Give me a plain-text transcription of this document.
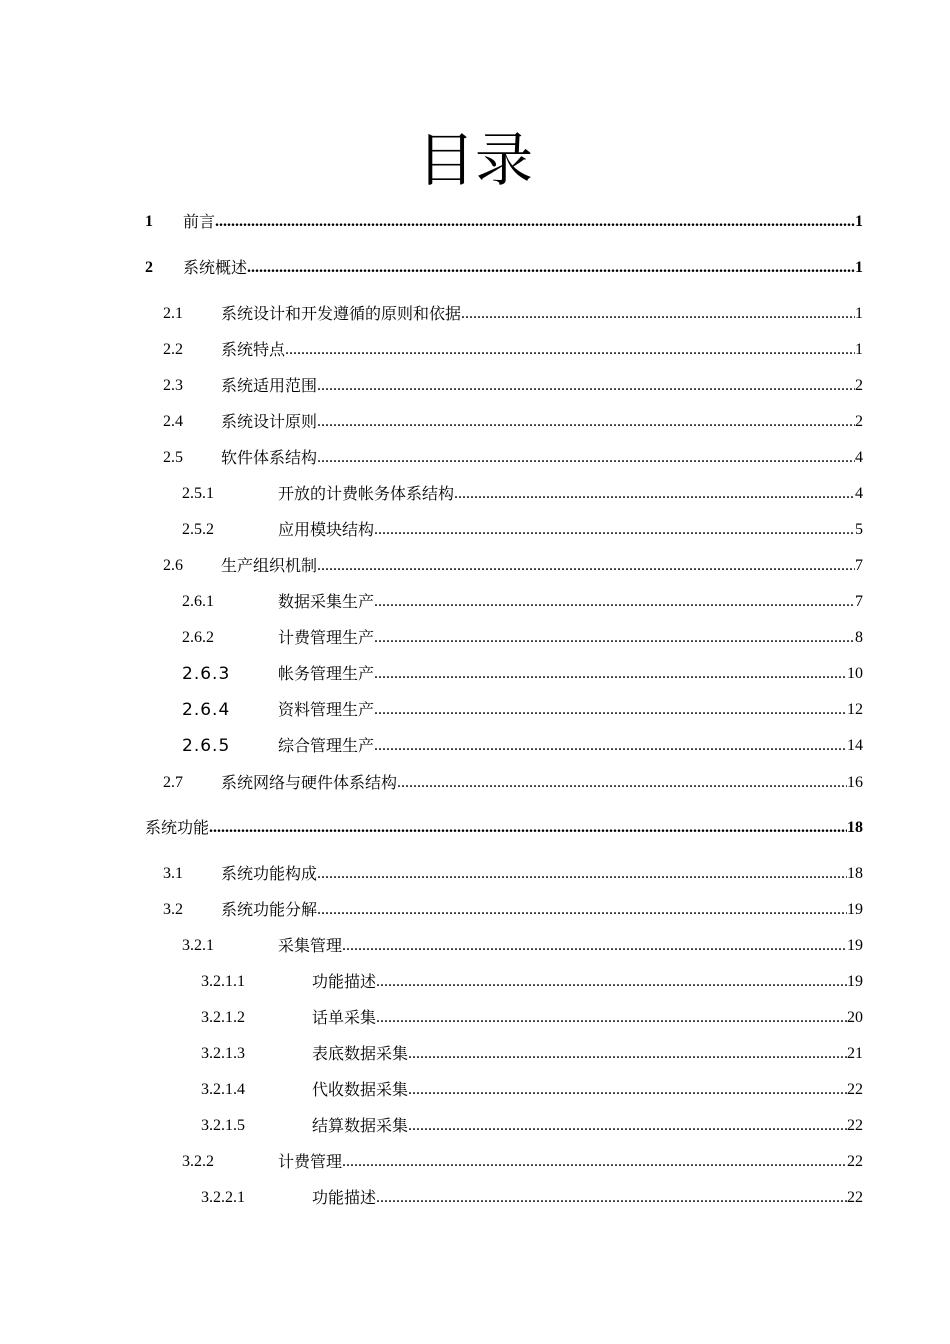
目录
1	前言 .....	1
2	系统概述 .....	1
2.1	系统设计和开发遵循的原则和依据 .....	1
2.2	系统特点 .....	1
2.3	系统适用范围 .....	2
2.4	系统设计原则 .....	2
2.5	软件体系结构 .....	4
2.5.1	开放的计费帐务体系结构 .....	4
2.5.2	应用模块结构 .....	5
2.6	生产组织机制 .....	7
2.6.1	数据采集生产 .....	7
2.6.2	计费管理生产 .....	8
2.6.3	帐务管理生产 .....	10
2.6.4	资料管理生产 .....	12
2.6.5	综合管理生产 .....	14
2.7	系统网络与硬件体系结构 .....	16
系统功能 .....	18
3.1	系统功能构成 .....	18
3.2	系统功能分解 .....	19
3.2.1	采集管理 .....	19
3.2.1.1	功能描述 .....	19
3.2.1.2	话单采集 .....	20
3.2.1.3	表底数据采集 .....	21
3.2.1.4	代收数据采集 .....	22
3.2.1.5	结算数据采集 .....	22
3.2.2	计费管理 .....	22
3.2.2.1	功能描述 .....	22
